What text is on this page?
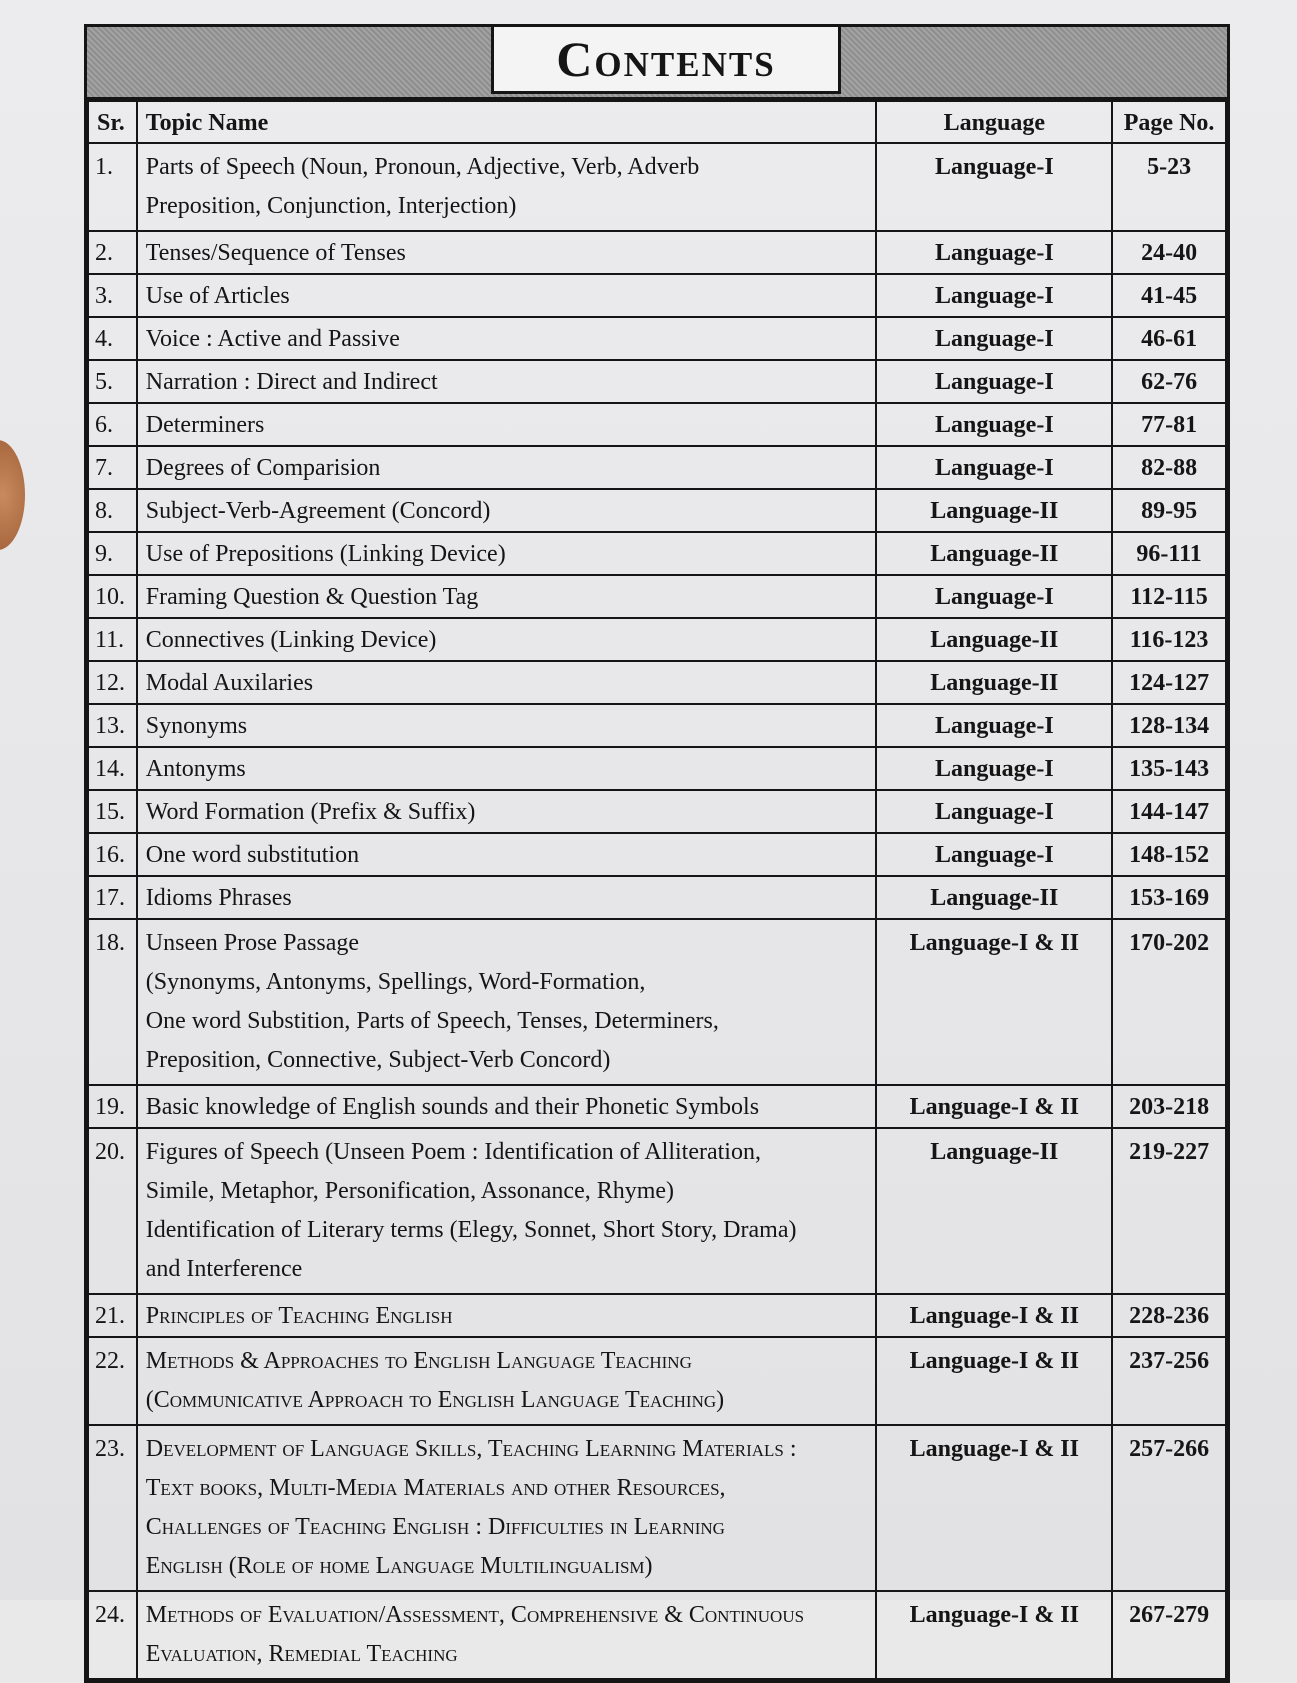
Contents
Sr.	Topic Name	Language	Page No.
1.	Parts of Speech (Noun, Pronoun, Adjective, Verb, Adverb
Preposition, Conjunction, Interjection)	Language-I	5-23
2.	Tenses/Sequence of Tenses	Language-I	24-40
3.	Use of Articles	Language-I	41-45
4.	Voice : Active and Passive	Language-I	46-61
5.	Narration : Direct and Indirect	Language-I	62-76
6.	Determiners	Language-I	77-81
7.	Degrees of Comparision	Language-I	82-88
8.	Subject-Verb-Agreement (Concord)	Language-II	89-95
9.	Use of Prepositions (Linking Device)	Language-II	96-111
10.	Framing Question & Question Tag	Language-I	112-115
11.	Connectives (Linking Device)	Language-II	116-123
12.	Modal Auxilaries	Language-II	124-127
13.	Synonyms	Language-I	128-134
14.	Antonyms	Language-I	135-143
15.	Word Formation (Prefix & Suffix)	Language-I	144-147
16.	One word substitution	Language-I	148-152
17.	Idioms Phrases	Language-II	153-169
18.	Unseen Prose Passage
(Synonyms, Antonyms, Spellings, Word-Formation,
One word Substition, Parts of Speech, Tenses, Determiners,
Preposition, Connective, Subject-Verb Concord)	Language-I & II	170-202
19.	Basic knowledge of English sounds and their Phonetic Symbols	Language-I & II	203-218
20.	Figures of Speech (Unseen Poem : Identification of Alliteration,
Simile, Metaphor, Personification, Assonance, Rhyme)
Identification of Literary terms (Elegy, Sonnet, Short Story, Drama)
and Interference	Language-II	219-227
21.	Principles of Teaching English	Language-I & II	228-236
22.	Methods & Approaches to English Language Teaching
(Communicative Approach to English Language Teaching)	Language-I & II	237-256
23.	Development of Language Skills, Teaching Learning Materials :
Text books, Multi-Media Materials and other Resources,
Challenges of Teaching English : Difficulties in Learning
English (Role of home Language Multilingualism)	Language-I & II	257-266
24.	Methods of Evaluation/Assessment, Comprehensive & Continuous
Evaluation, Remedial Teaching	Language-I & II	267-279
